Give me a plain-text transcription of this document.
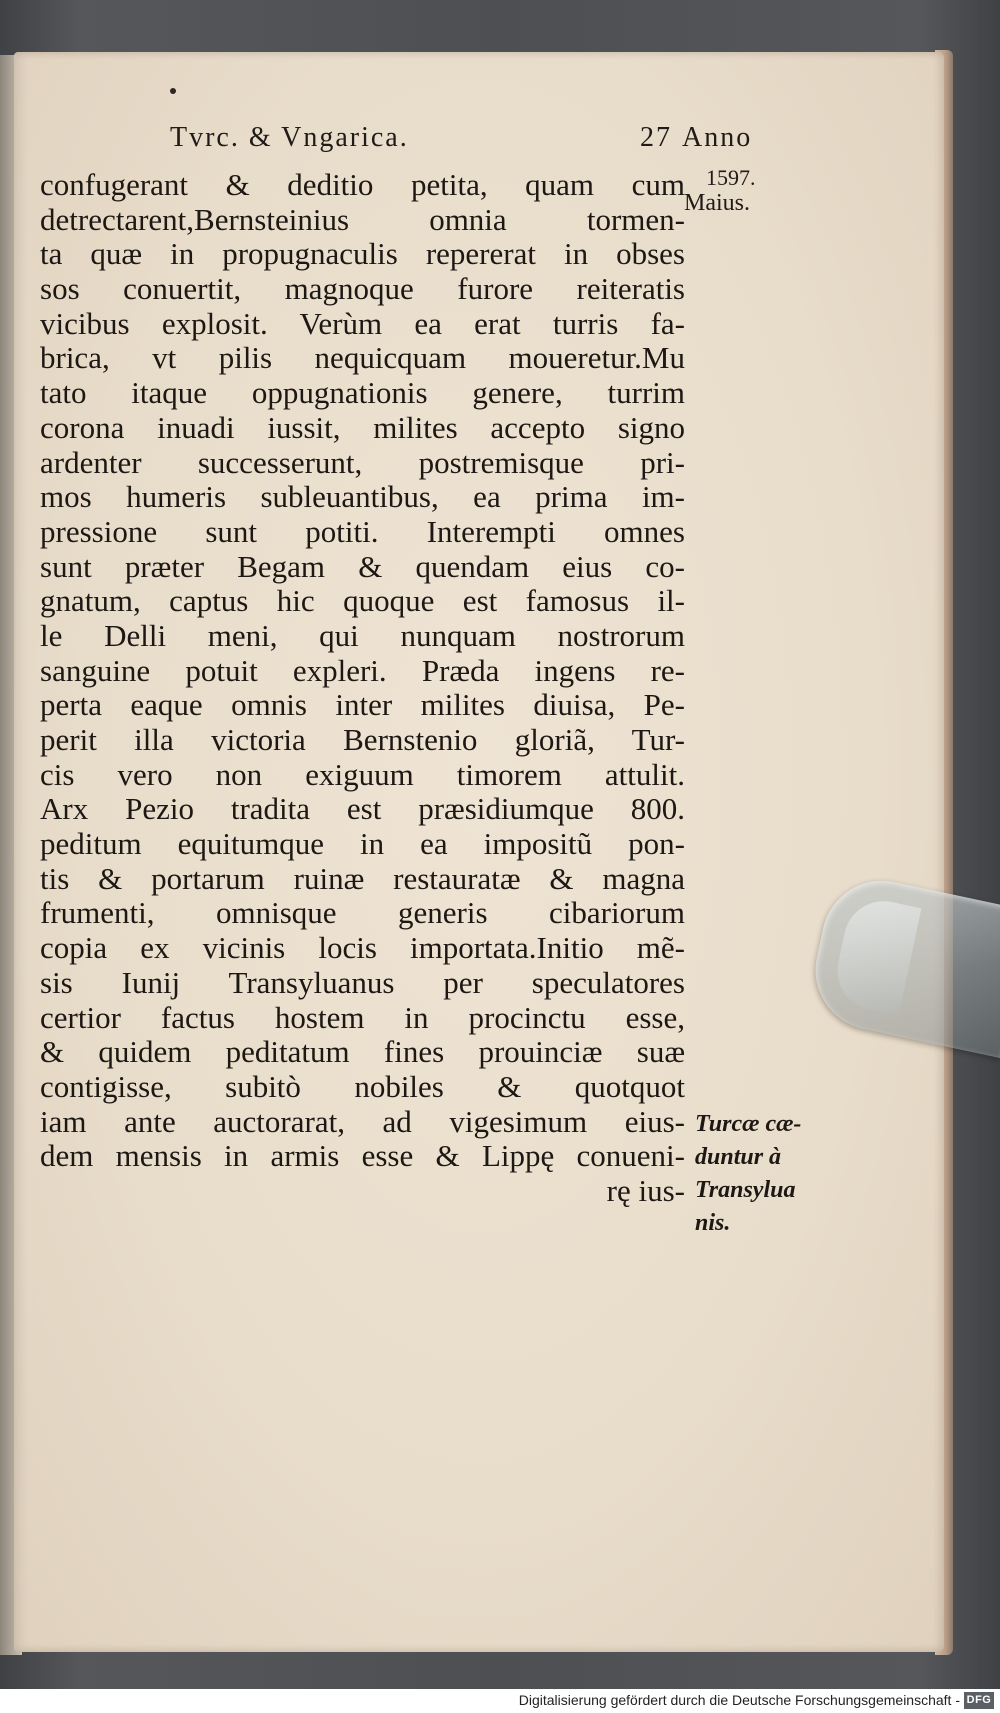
Tvrc. & Vngarica.	27 Anno
1597.
Maius.
confugerant & deditio petita, quam cum
detrectarent,Bernsteinius omnia tormen-
ta quæ in propugnaculis repererat in obses
sos conuertit, magnoque furore reiteratis
vicibus explosit. Verùm ea erat turris fa-
brica, vt pilis nequicquam moueretur.Mu
tato itaque oppugnationis genere, turrim
corona inuadi iussit, milites accepto signo
ardenter successerunt, postremisque pri-
mos humeris subleuantibus, ea prima im-
pressione sunt potiti. Interempti omnes
sunt præter Begam & quendam eius co-
gnatum, captus hic quoque est famosus il-
le Delli meni, qui nunquam nostrorum
sanguine potuit expleri. Præda ingens re-
perta eaque omnis inter milites diuisa, Pe-
perit illa victoria Bernstenio gloriã, Tur-
cis vero non exiguum timorem attulit.
Arx Pezio tradita est præsidiumque 800.
peditum equitumque in ea impositũ pon-
tis & portarum ruinæ restauratæ & magna
frumenti, omnisque generis cibariorum
copia ex vicinis locis importata.Initio mẽ-
sis Iunij Transyluanus per speculatores
certior factus hostem in procinctu esse,
& quidem peditatum fines prouinciæ suæ
contigisse, subitò nobiles & quotquot
iam ante auctorarat, ad vigesimum eius-
dem mensis in armis esse & Lippę conueni-
rę ius-
Turcæ cæ-
duntur à
Transylua
nis.
Digitalisierung gefördert durch die Deutsche Forschungsgemeinschaft - DFG
